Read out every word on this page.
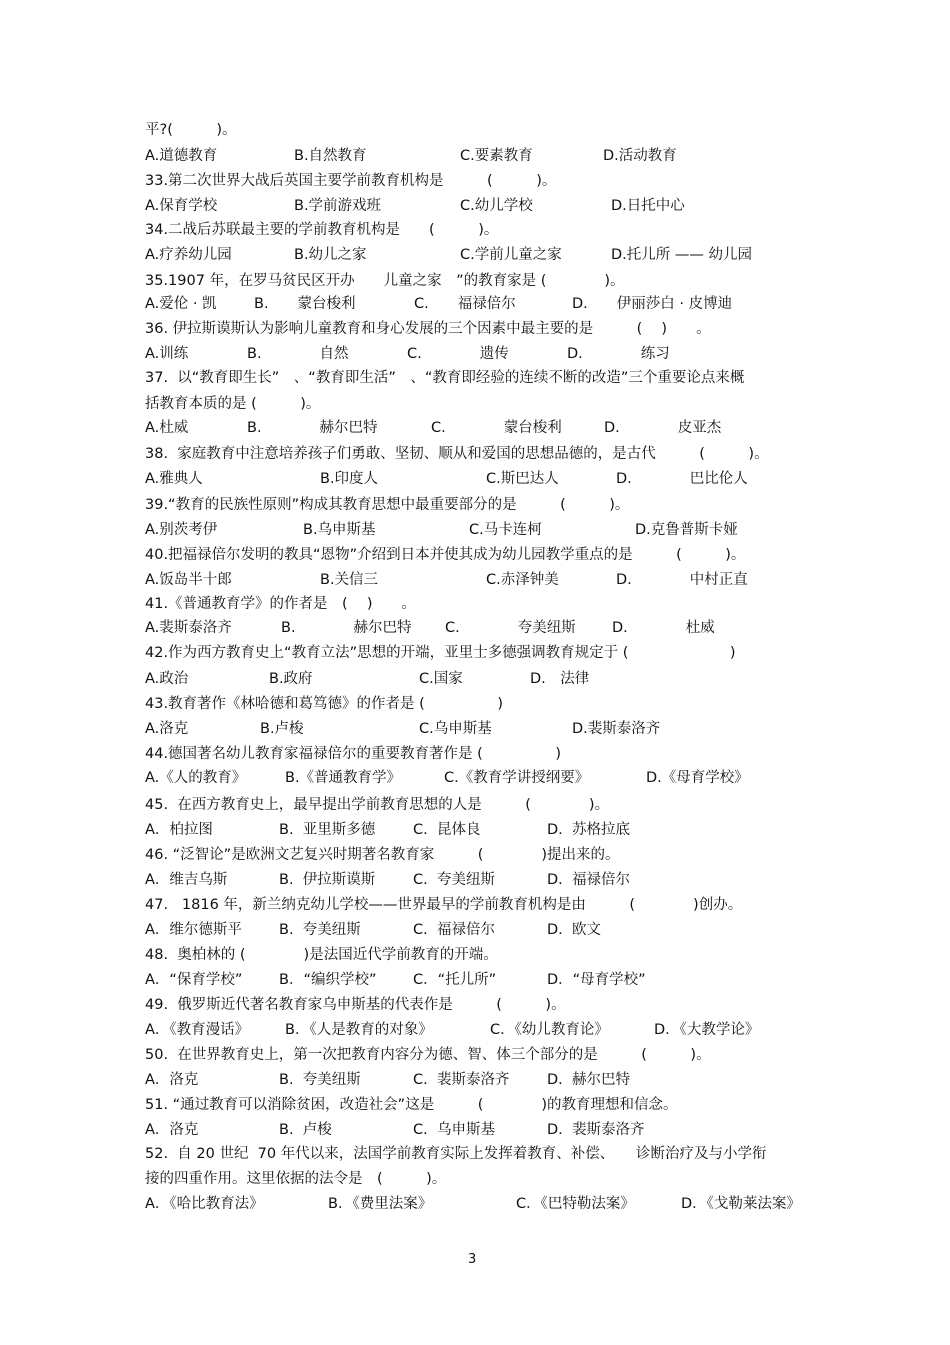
平?(　　　)。
33.第二次世界大战后英国主要学前教育机构是　　　(　　　)。
34.二战后苏联最主要的学前教育机构是　　(　　　)。
35.1907 年，在罗马贫民区开办　　儿童之家　”的教育家是 (　　　　)。
36. 伊拉斯谟斯认为影响儿童教育和身心发展的三个因素中最主要的是　　　(　 )　　。
37.  以“教育即生长”　、“教育即生活”　、“教育即经验的连续不断的改造”三个重要论点来概
括教育本质的是 (　　　)。
38.  家庭教育中注意培养孩子们勇敢、坚韧、顺从和爱国的思想品德的，是古代　　　(　　　)。
39.“教育的民族性原则”构成其教育思想中最重要部分的是　　　(　　　)。
40.把福禄倍尔发明的教具“恩物”介绍到日本并使其成为幼儿园教学重点的是　　　(　　　)。
41.《普通教育学》的作者是　(　 )　　。
42.作为西方教育史上“教育立法”思想的开端，亚里士多德强调教育规定于 (　　　　　　　)
43.教育著作《林哈德和葛笃德》的作者是 (　　　　　)
44.德国著名幼儿教育家福禄倍尔的重要教育著作是 (　　　　　)
45.  在西方教育史上，最早提出学前教育思想的人是　　　(　　　　)。
46. “泛智论”是欧洲文艺复兴时期著名教育家　　　(　　　　)提出来的。
47.   1816 年，新兰纳克幼儿学校——世界最早的学前教育机构是由　　　(　　　　)创办。
48.  奥柏林的 (　　　　)是法国近代学前教育的开端。
49.  俄罗斯近代著名教育家乌申斯基的代表作是　　　(　　　)。
50.  在世界教育史上，第一次把教育内容分为德、智、体三个部分的是　　　(　　　)。
51. “通过教育可以消除贫困，改造社会”这是　　　(　　　　)的教育理想和信念。
52.  自 20 世纪  70 年代以来，法国学前教育实际上发挥着教育、补偿、　　诊断治疗及与小学衔
接的四重作用。这里依据的法令是　(　　　)。
A.道德教育	B.自然教育	C.要素教育	D.活动教育
A.保育学校	B.学前游戏班	C.幼儿学校	D.日托中心
A.疗养幼儿园	B.幼儿之家	C.学前儿童之家	D.托儿所 —— 幼儿园
A.爱伦 · 凯	B.　　蒙台梭利	C.　　福禄倍尔	D.　　伊丽莎白 · 皮博迪
A.训练	B.　　　　自然	C.　　　　遗传	D.　　　　练习
A.杜威	B.　　　　赫尔巴特	C.　　　　蒙台梭利	D.　　　　皮亚杰
A.雅典人	B.印度人	C.斯巴达人	D.　　　　巴比伦人
A.别茨考伊	B.乌申斯基	C.马卡连柯	D.克鲁普斯卡娅
A.饭岛半十郎	B.关信三	C.赤泽钟美	D.　　　　中村正直
A.裴斯泰洛齐	B.　　　　赫尔巴特 C.　　　　夸美纽斯	D.　　　　杜威
A.政治	B.政府	C.国家	D.　法律
A.洛克	B.卢梭	C.乌申斯基	D.裴斯泰洛齐
A.《人的教育》	B.《普通教育学》	C.《教育学讲授纲要》	D.《母育学校》
A．柏拉图	B.  亚里斯多德	C.  昆体良	D.  苏格拉底
A．维吉乌斯	B.  伊拉斯谟斯	C.  夸美纽斯	D.  福禄倍尔
A．维尔德斯平	B.  夸美纽斯	C.  福禄倍尔	D.  欧文
A．“保育学校”	B．“编织学校”	C．“托儿所”	D．“母育学校”
A．《教育漫话》 B．《人是教育的对象》	C．《幼儿教育论》	D．《大教学论》
A．洛克	B.  夸美纽斯	C.  裴斯泰洛齐	D.  赫尔巴特
A．洛克	B.  卢梭	C.  乌申斯基	D.  裴斯泰洛齐
A．《哈比教育法》	B．《费里法案》	C．《巴特勒法案》	D．《戈勒莱法案》
3
